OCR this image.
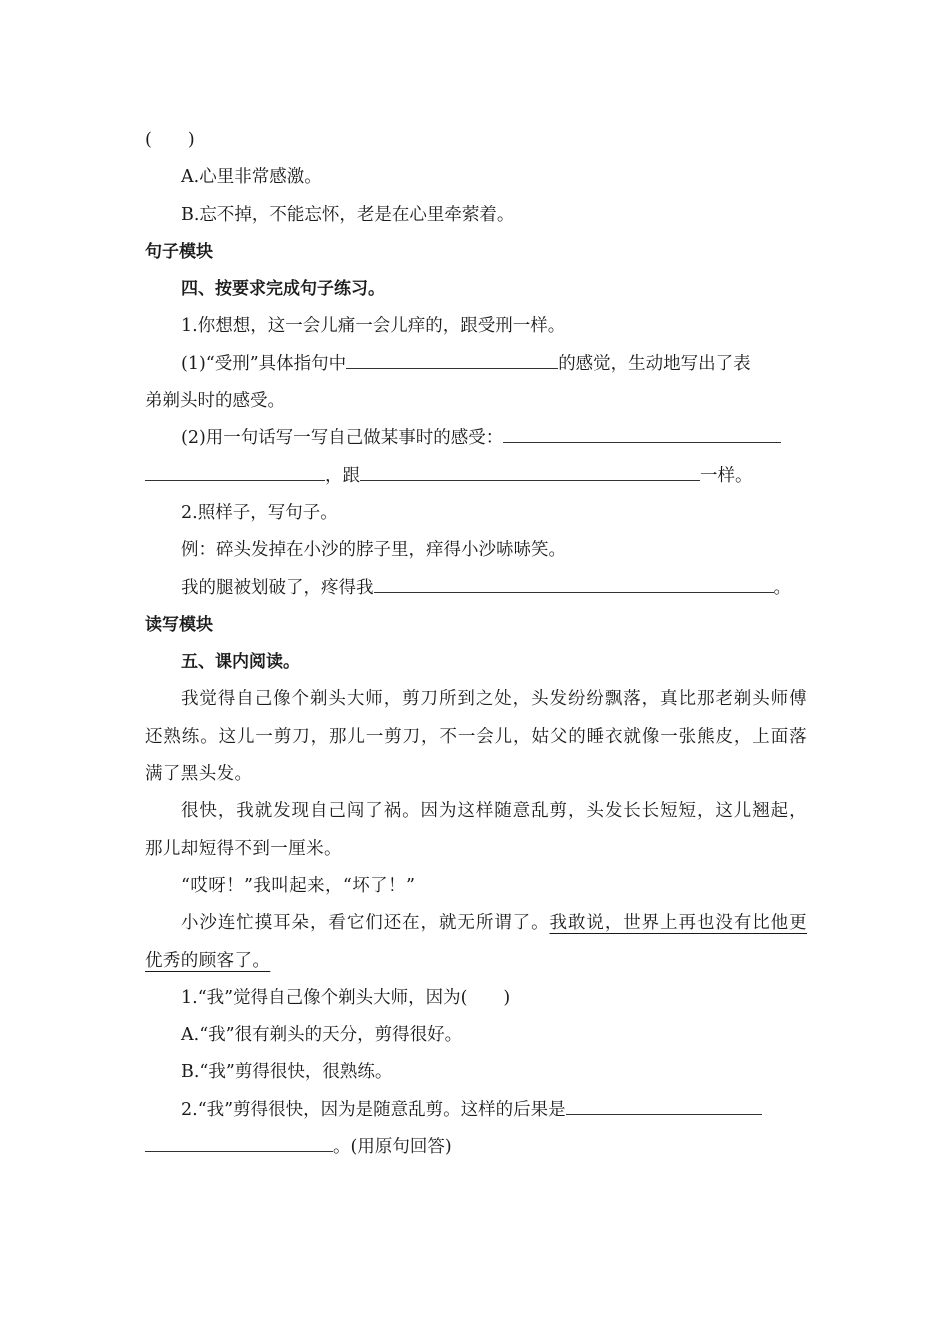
( )

A.心里非常感激。

B.忘不掉，不能忘怀，老是在心里牵萦着。

句子模块

四、按要求完成句子练习。

1.你想想，这一会儿痛一会儿痒的，跟受刑一样。

(1)“受刑”具体指句中	的感觉，生动地写出了表

弟剃头时的感受。

(2)用一句话写一写自己做某事时的感受：

，跟	一样。

2.照样子，写句子。

例：碎头发掉在小沙的脖子里，痒得小沙哧哧笑。

我的腿被划破了，疼得我	。

读写模块

五、课内阅读。

我觉得自己像个剃头大师，剪刀所到之处，头发纷纷飘落，真比那老剃头师傅还熟练。这儿一剪刀，那儿一剪刀，不一会儿，姑父的睡衣就像一张熊皮，上面落满了黑头发。

很快，我就发现自己闯了祸。因为这样随意乱剪，头发长长短短，这儿翘起，那儿却短得不到一厘米。

“哎呀！”我叫起来，“坏了！”

小沙连忙摸耳朵，看它们还在，就无所谓了。我敢说，世界上再也没有比他更优秀的顾客了。

1.“我”觉得自己像个剃头大师，因为( )

A.“我”很有剃头的天分，剪得很好。

B.“我”剪得很快，很熟练。

2.“我”剪得很快，因为是随意乱剪。这样的后果是

。(用原句回答)
